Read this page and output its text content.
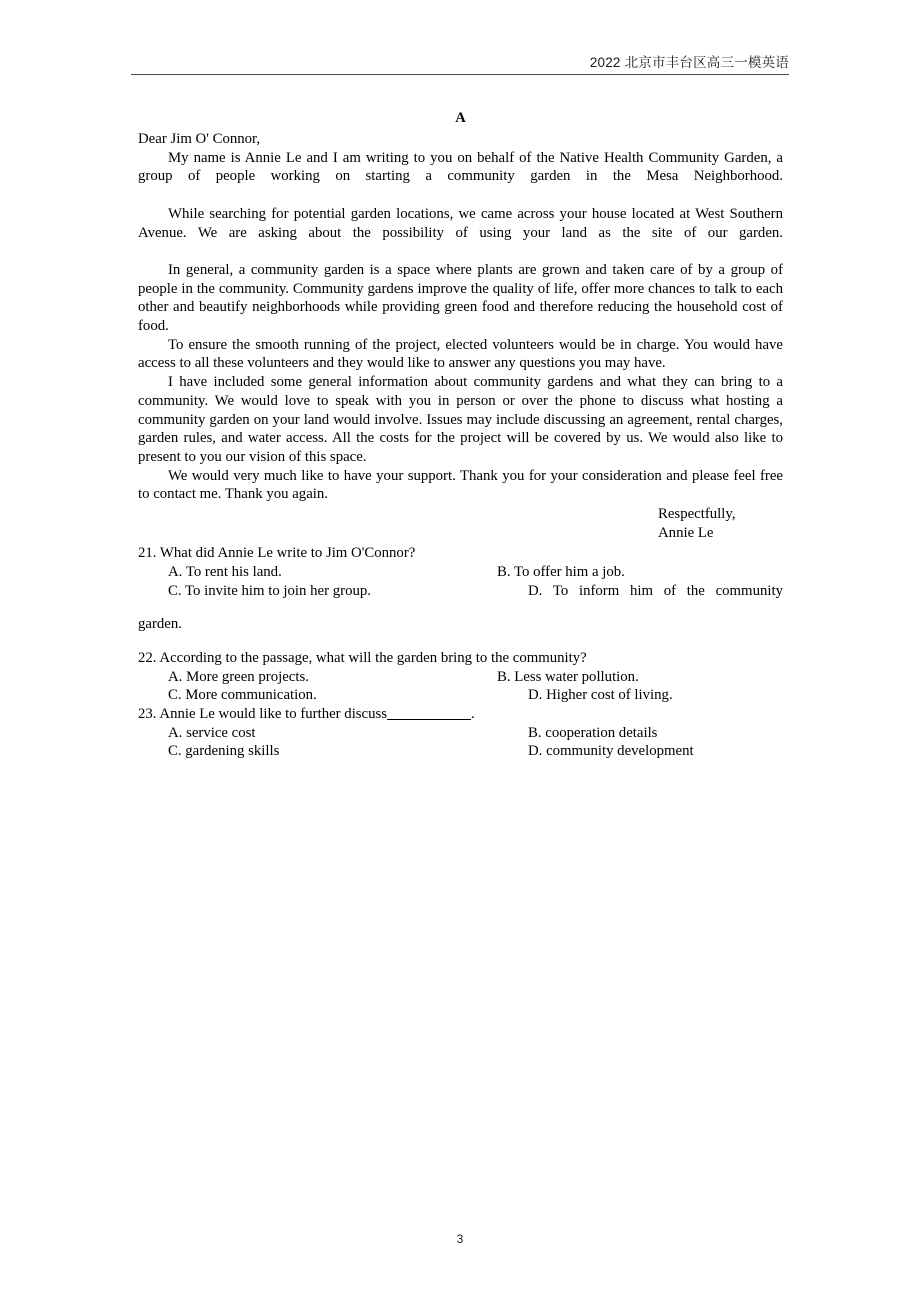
2022 北京市丰台区高三一模英语
A

Dear Jim O' Connor,

My name is Annie Le and I am writing to you on behalf of the Native Health Community Garden, a group of people working on starting a community garden in the Mesa Neighborhood.

While searching for potential garden locations, we came across your house located at West Southern Avenue. We are asking about the possibility of using your land as the site of our garden.

In general, a community garden is a space where plants are grown and taken care of by a group of people in the community. Community gardens improve the quality of life, offer more chances to talk to each other and beautify neighborhoods while providing green food and therefore reducing the household cost of food.

To ensure the smooth running of the project, elected volunteers would be in charge. You would have access to all these volunteers and they would like to answer any questions you may have.

I have included some general information about community gardens and what they can bring to a community. We would love to speak with you in person or over the phone to discuss what hosting a community garden on your land would involve. Issues may include discussing an agreement, rental charges, garden rules, and water access. All the costs for the project will be covered by us. We would also like to present to you our vision of this space.

We would very much like to have your support. Thank you for your consideration and please feel free to contact me. Thank you again.

Respectfully,
Annie Le

21. What did Annie Le write to Jim O'Connor?

A. To rent his land.	B. To offer him a job.
C. To invite him to join her group.	D. To inform him of the community

garden.

22. According to the passage, what will the garden bring to the community?

A. More green projects.	B. Less water pollution.
C. More communication.	D. Higher cost of living.

23. Annie Le would like to further discuss	.

A. service cost	B. cooperation details
C. gardening skills	D. community development
3
